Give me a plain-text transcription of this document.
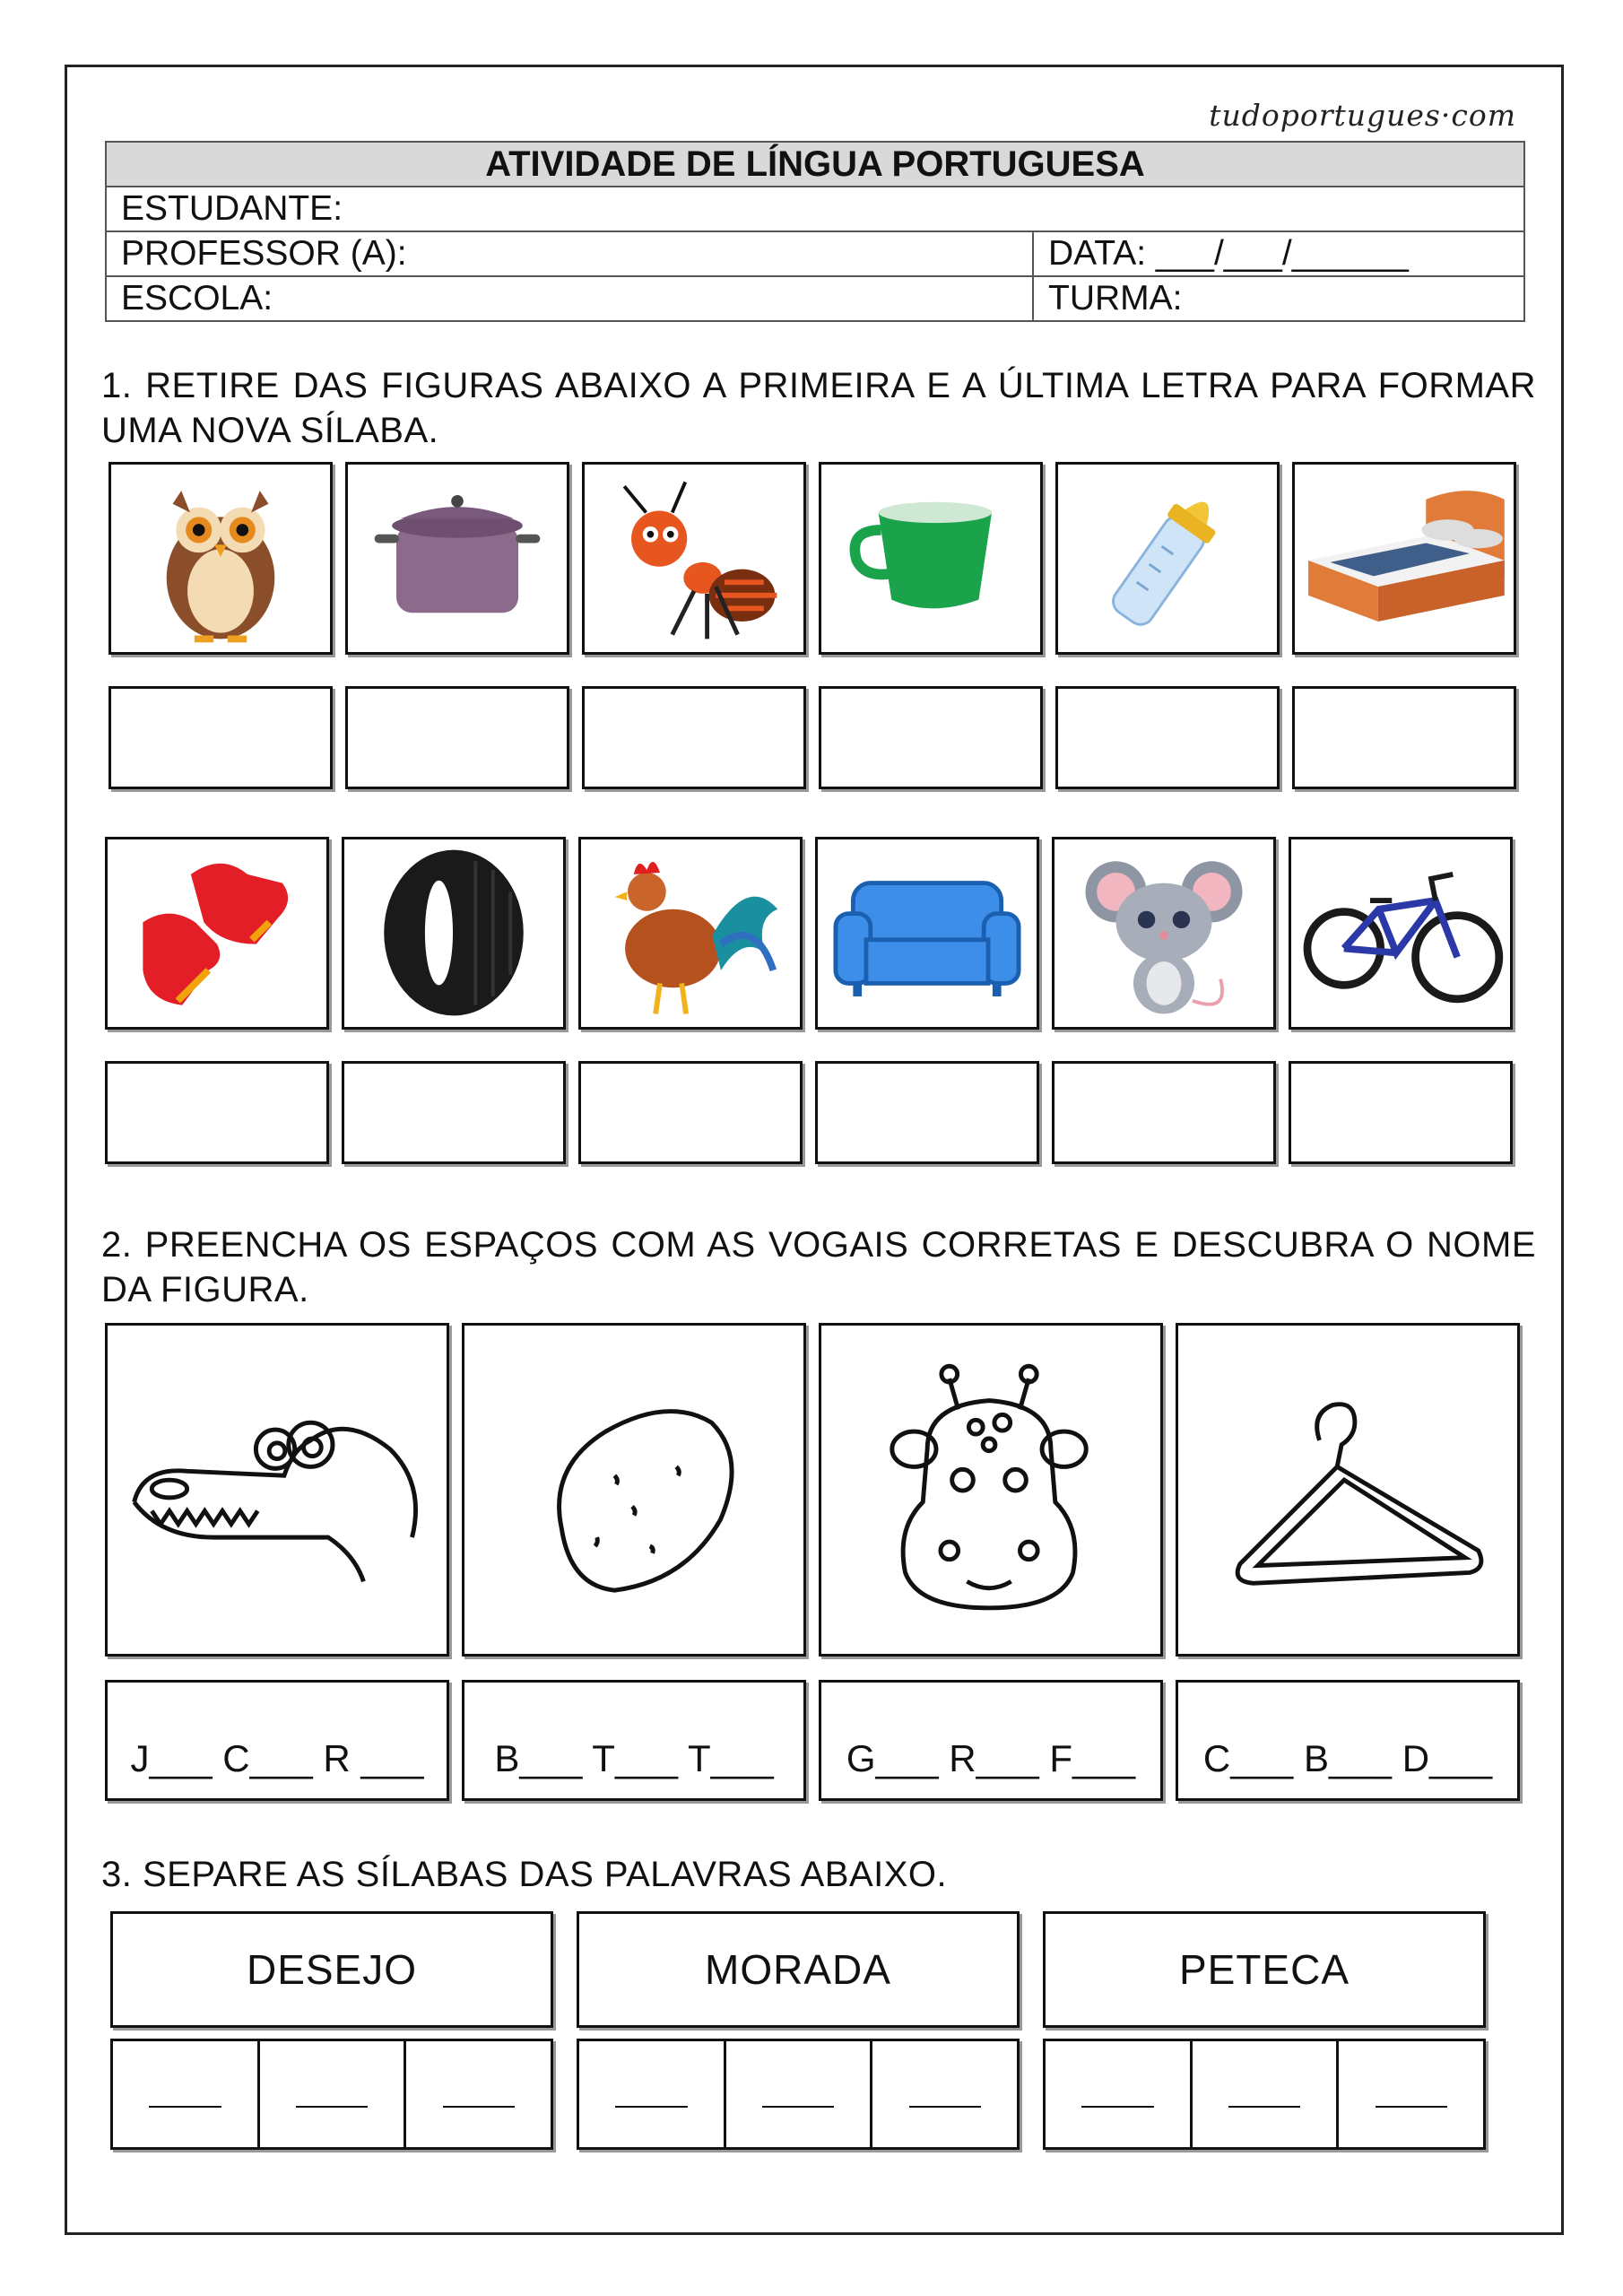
tudoportugues·com
ATIVIDADE DE LÍNGUA PORTUGUESA	
ESTUDANTE:	
PROFESSOR (A):	DATA: ___/___/______
ESCOLA:	TURMA:
1. RETIRE DAS FIGURAS ABAIXO A PRIMEIRA E A ÚLTIMA LETRA PARA FORMAR UMA NOVA SÍLABA.
2. PREENCHA OS ESPAÇOS COM AS VOGAIS CORRETAS E DESCUBRA O NOME DA FIGURA.
J___ C___ R ___	B___ T___ T___	G___ R___ F___	C___ B___ D___
3. SEPARE AS SÍLABAS DAS PALAVRAS ABAIXO.
DESEJO	MORADA	PETECA
